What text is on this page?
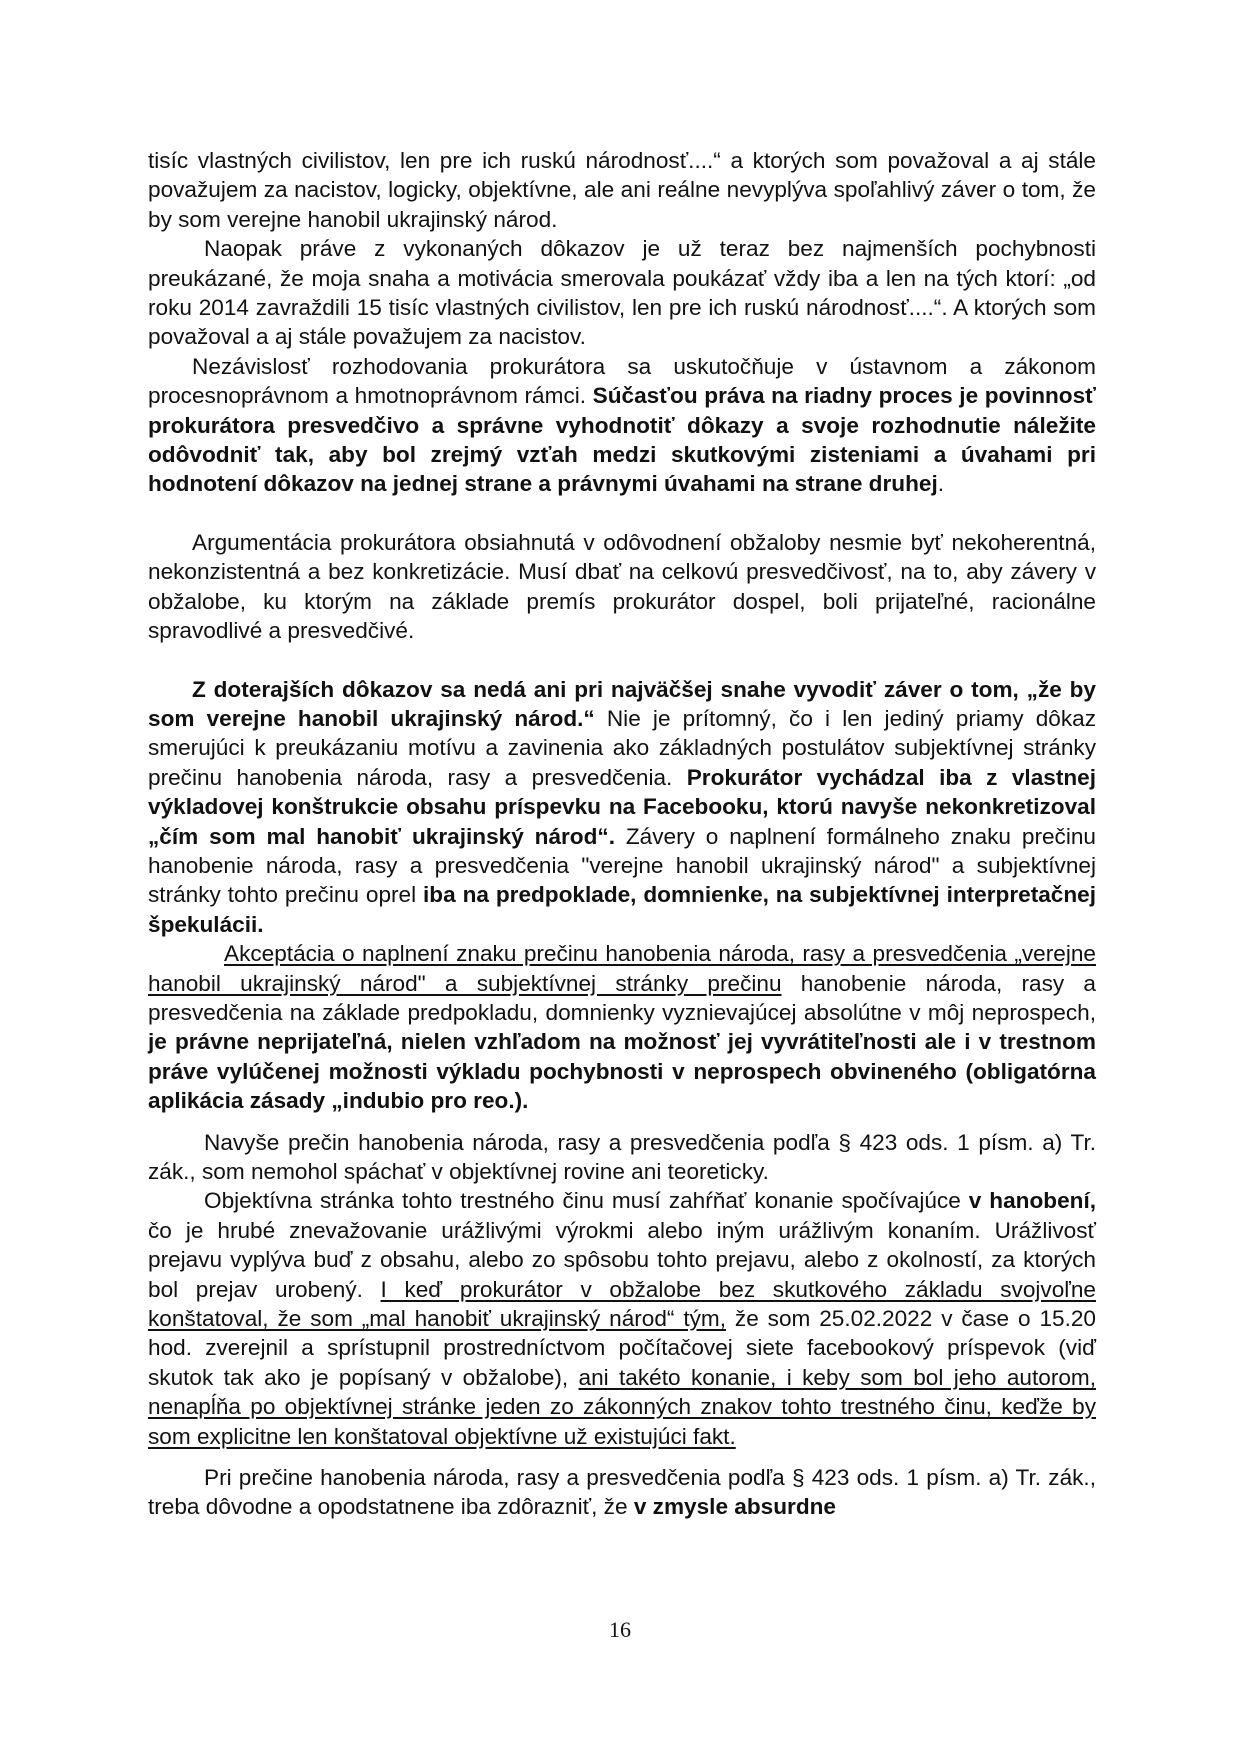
tisíc vlastných civilistov, len pre ich ruskú národnosť....“ a ktorých som považoval a aj stále považujem za nacistov, logicky, objektívne, ale ani reálne nevyplýva spoľahlivý záver o tom, že by som verejne hanobil ukrajinský národ.

Naopak práve z vykonaných dôkazov je už teraz bez najmenších pochybnosti preukázané, že moja snaha a motivácia smerovala poukázať vždy iba a len na tých ktorí: „od roku 2014 zavraždili 15 tisíc vlastných civilistov, len pre ich ruskú národnosť....“. A ktorých som považoval a aj stále považujem za nacistov.

Nezávislosť rozhodovania prokurátora sa uskutočňuje v ústavnom a zákonom procesnoprávnom a hmotnoprávnom rámci. Súčasťou práva na riadny proces je povinnosť prokurátora presvedčivo a správne vyhodnotiť dôkazy a svoje rozhodnutie náležite odôvodniť tak, aby bol zrejmý vzťah medzi skutkovými zisteniami a úvahami pri hodnotení dôkazov na jednej strane a právnymi úvahami na strane druhej.

Argumentácia prokurátora obsiahnutá v odôvodnení obžaloby nesmie byť nekoherentná, nekonzistentná a bez konkretizácie. Musí dbať na celkovú presvedčivosť, na to, aby závery v obžalobe, ku ktorým na základe premís prokurátor dospel, boli prijateľné, racionálne spravodlivé a presvedčivé.

Z doterajších dôkazov sa nedá ani pri najväčšej snahe vyvodiť záver o tom, „že by som verejne hanobil ukrajinský národ.“ Nie je prítomný, čo i len jediný priamy dôkaz smerujúci k preukázaniu motívu a zavinenia ako základných postulátov subjektívnej stránky prečinu hanobenia národa, rasy a presvedčenia. Prokurátor vychádzal iba z vlastnej výkladovej konštrukcie obsahu príspevku na Facebooku, ktorú navyše nekonkretizoval „čím som mal hanobiť ukrajinský národ“. Závery o naplnení formálneho znaku prečinu hanobenie národa, rasy a presvedčenia "verejne hanobil ukrajinský národ" a subjektívnej stránky tohto prečinu oprel iba na predpoklade, domnienke, na subjektívnej interpretačnej špekulácii.

Akceptácia o naplnení znaku prečinu hanobenia národa, rasy a presvedčenia „verejne hanobil ukrajinský národ" a subjektívnej stránky prečinu hanobenie národa, rasy a presvedčenia na základe predpokladu, domnienky vyznievajúcej absolútne v môj neprospech, je právne neprijateľná, nielen vzhľadom na možnosť jej vyvrátiteľnosti ale i v trestnom práve vylúčenej možnosti výkladu pochybnosti v neprospech obvineného (obligatórna aplikácia zásady „indubio pro reo.).

Navyše prečin hanobenia národa, rasy a presvedčenia podľa § 423 ods. 1 písm. a) Tr. zák., som nemohol spáchať v objektívnej rovine ani teoreticky.

Objektívna stránka tohto trestného činu musí zahŕňať konanie spočívajúce v hanobení, čo je hrubé znevažovanie urážlivými výrokmi alebo iným urážlivým konaním. Urážlivosť prejavu vyplýva buď z obsahu, alebo zo spôsobu tohto prejavu, alebo z okolností, za ktorých bol prejav urobený. I keď prokurátor v obžalobe bez skutkového základu svojvoľne konštatoval, že som „mal hanobiť ukrajinský národ“ tým, že som 25.02.2022 v čase o 15.20 hod. zverejnil a sprístupnil prostredníctvom počítačovej siete facebookový príspevok (viď skutok tak ako je popísaný v obžalobe), ani takéto konanie, i keby som bol jeho autorom, nenapĺňa po objektívnej stránke jeden zo zákonných znakov tohto trestného činu, keďže by som explicitne len konštatoval objektívne už existujúci fakt.

Pri prečine hanobenia národa, rasy a presvedčenia podľa § 423 ods. 1 písm. a) Tr. zák., treba dôvodne a opodstatnene iba zdôrazniť, že v zmysle absurdne

16
